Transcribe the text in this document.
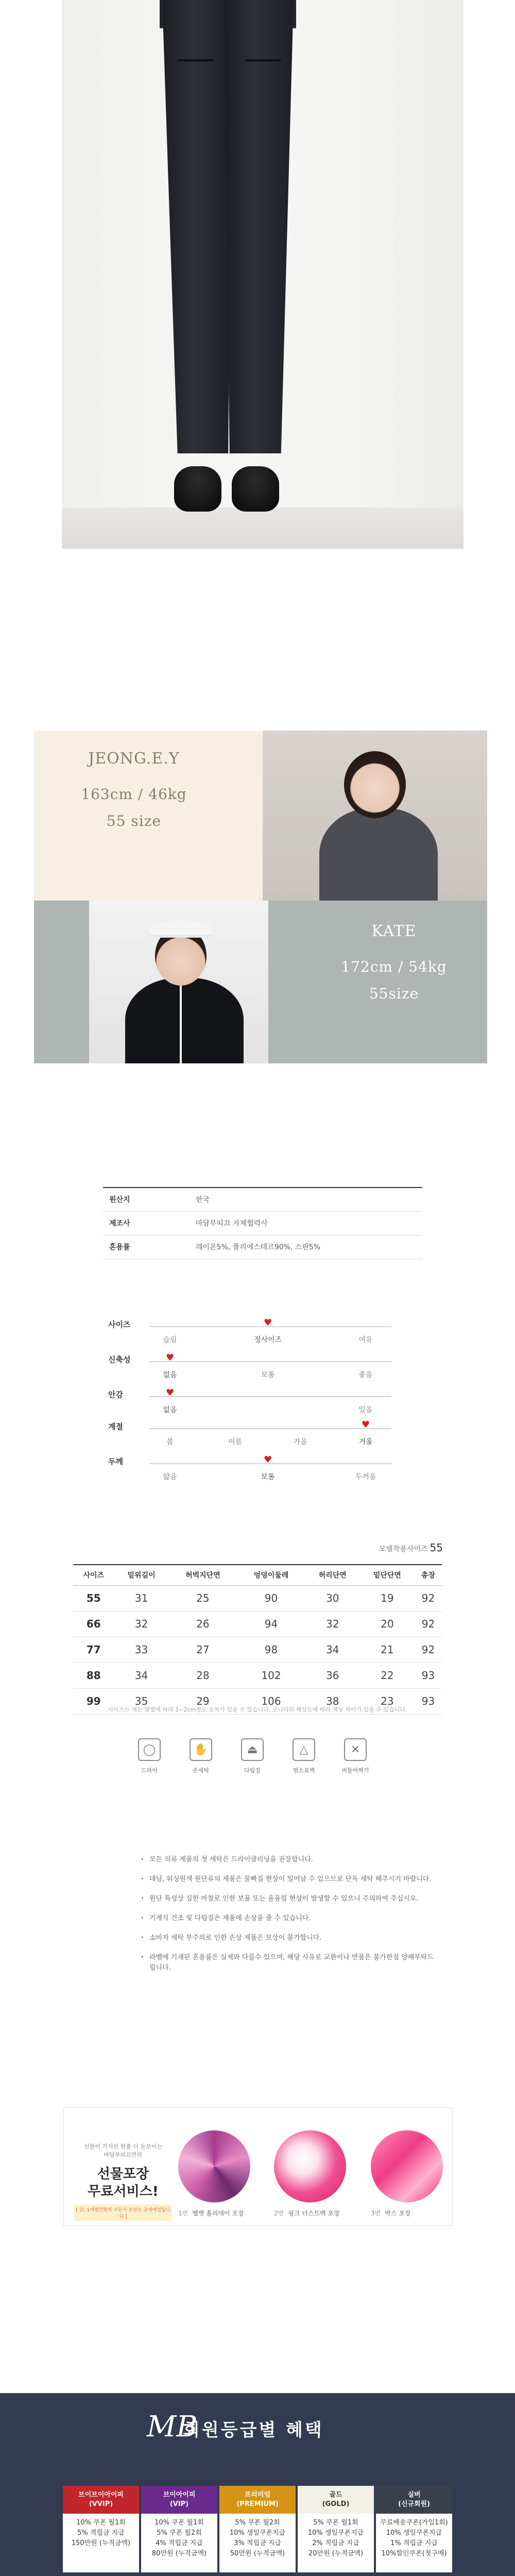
JEONG.E.Y
163cm / 46kg
55 size
KATE
172cm / 54kg
55size
원산지	한국
제조사	마담부띠끄 자체협력사
혼용률	레이온5%, 폴리에스테르90%, 스판5%
사이즈
슬림	정사이즈
♥
여유
신축성
없음
♥
보통	좋음
안감
없음
♥
있음
계절
봄	여름	가을	겨울
♥
두께
얇음	보통
♥
두꺼움
모델착용사이즈 55
사이즈	밑위길이	허벅지단면	엉덩이둘레	허리단면	밑단단면	총장
55	31	25	90	30	19	92
66	32	26	94	32	20	92
77	33	27	98	34	21	92
88	34	28	102	36	22	93
99	35	29	106	38	23	93
사이즈는 재는 방법에 따라 1~2cm정도 오차가 있을 수 있습니다. 모니터의 해상도에 따라 색상 차이가 있을 수 있습니다.
◯
드라이
✋
손세탁
⏏
다림질
△
염소표백
✕
비틀어짜기
· 모든 의류 제품의 첫 세탁은 드라이클리닝을 권장합니다.
· 데님, 워싱원색 원단류의 제품은 물빠짐 현상이 일어날 수 있으므로 단독 세탁 해주시기 바랍니다.
· 원단 특성상 심한 마찰로 인한 보풀 또는 올풀림 현상이 발생할 수 있으니 주의하여 주십시오.
· 기계식 건조 및 다림질은 제품에 손상을 줄 수 있습니다.
· 소비자 세탁 부주의로 인한 손상 제품은 보상이 불가합니다.
· 라벨에 기재된 혼용률은 실제와 다를수 있으며, 해당 사유로 교환이나 반품은 불가한점 양해부탁드립니다.
선물이 가지런 한출 더 돋보이는
마담부띠끄만의
선물포장
무료서비스!
[ 단, 1개별만원씩 주문시 포장은 교재예정입니다 ]	1번 벨벳 홀리데이 포장	2번 핑크 더스트백 포장	3번 박스 포장
MB
회원등급별 혜택
브이브이아이피
(VVIP)
10% 쿠폰 월1회
5% 적립금 지급
150만원 (누적금액)
브이아이피
(VIP)
10% 쿠폰 월1회
5% 쿠폰 월2회
4% 적립금 지급
80만원 (누적금액)
프리미엄
(PREMIUM)
5% 쿠폰 월2회
10% 생일쿠폰지급
3% 적립금 지급
50만원 (누적금액)
골드
(GOLD)
5% 쿠폰 월1회
10% 생일쿠폰지급
2% 적립금 지급
20만원 (누적금액)
실버
(신규회원)
무료배송쿠폰(가입1회)
10% 생일쿠폰지급
1% 적립금 지급
10%할인쿠폰(첫구매)
